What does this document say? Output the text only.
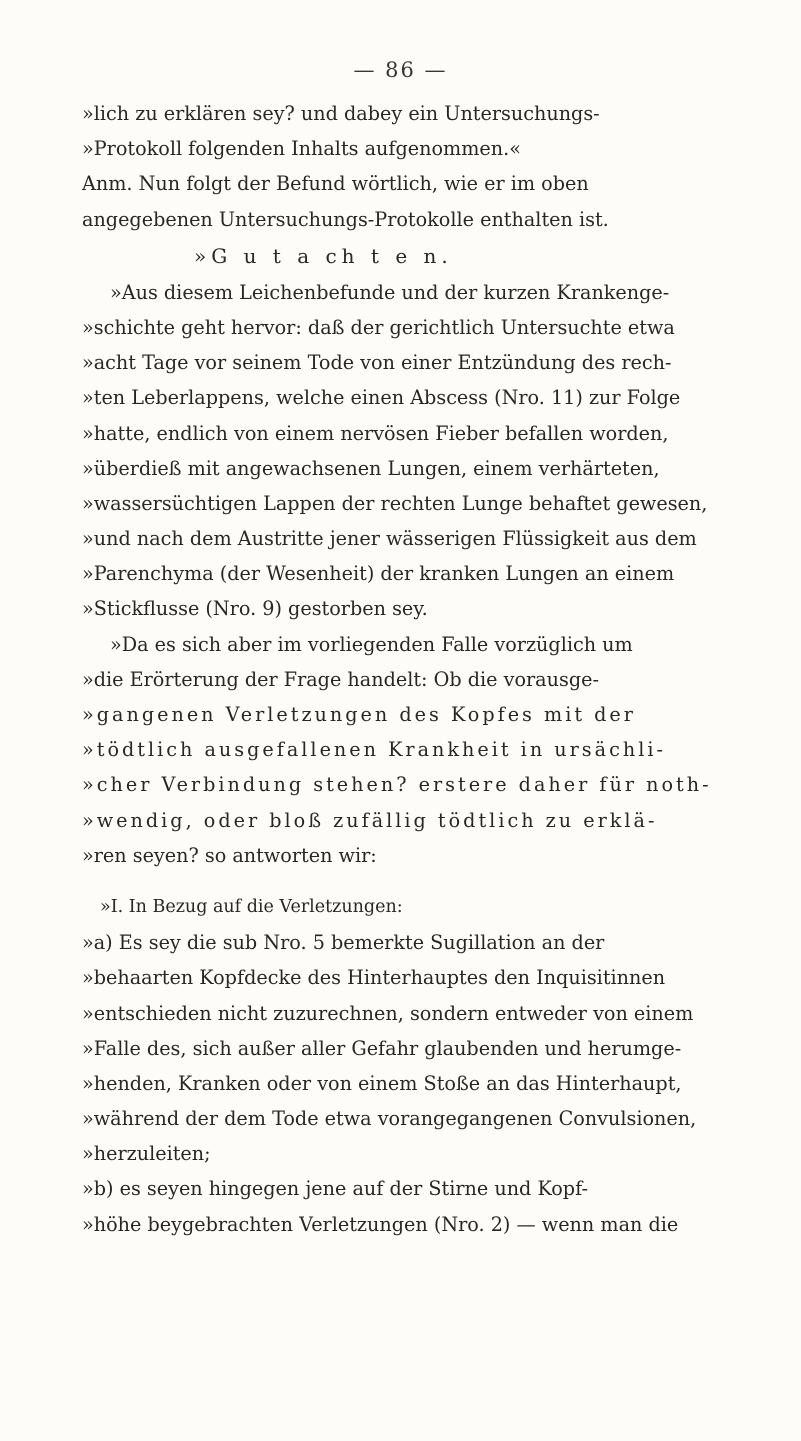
— 86 —
»lich zu erklären sey? und dabey ein Untersuchungs-
»Protokoll folgenden Inhalts aufgenommen.«
Anm. Nun folgt der Befund wörtlich, wie er im oben
angegebenen Untersuchungs-Protokolle enthalten ist.
»G u t a ch t e n.
»Aus diesem Leichenbefunde und der kurzen Krankenge-
»schichte geht hervor: daß der gerichtlich Untersuchte etwa
»acht Tage vor seinem Tode von einer Entzündung des rech-
»ten Leberlappens, welche einen Abscess (Nro. 11) zur Folge
»hatte, endlich von einem nervösen Fieber befallen worden,
»überdieß mit angewachsenen Lungen, einem verhärteten,
»wassersüchtigen Lappen der rechten Lunge behaftet gewesen,
»und nach dem Austritte jener wässerigen Flüssigkeit aus dem
»Parenchyma (der Wesenheit) der kranken Lungen an einem
»Stickflusse (Nro. 9) gestorben sey.
»Da es sich aber im vorliegenden Falle vorzüglich um
»die Erörterung der Frage handelt: Ob die vorausge-
»gangenen Verletzungen des Kopfes mit der
»tödtlich ausgefallenen Krankheit in ursächli-
»cher Verbindung stehen? erstere daher für noth-
»wendig, oder bloß zufällig tödtlich zu erklä-
»ren seyen? so antworten wir:
»I. In Bezug auf die Verletzungen:
»a) Es sey die sub Nro. 5 bemerkte Sugillation an der
»behaarten Kopfdecke des Hinterhauptes den Inquisitinnen
»entschieden nicht zuzurechnen, sondern entweder von einem
»Falle des, sich außer aller Gefahr glaubenden und herumge-
»henden, Kranken oder von einem Stoße an das Hinterhaupt,
»während der dem Tode etwa vorangegangenen Convulsionen,
»herzuleiten;
»b) es seyen hingegen jene auf der Stirne und Kopf-
»höhe beygebrachten Verletzungen (Nro. 2) — wenn man die
